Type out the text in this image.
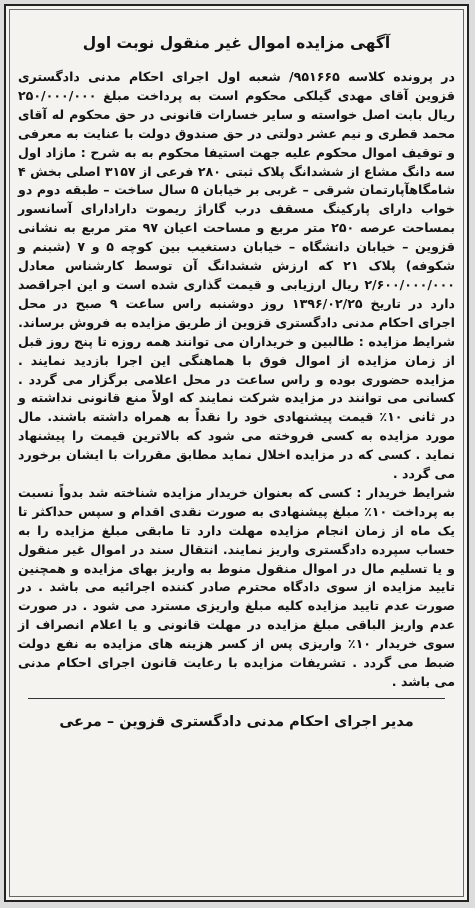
آگهی مزایده اموال غیر منقول نوبت اول

در پرونده کلاسه ۹۵۱۶۶۵/ شعبه اول اجرای احکام مدنی دادگستری قزوین آقای مهدی گیلکی محکوم است به پرداخت مبلغ ۲۵۰/۰۰۰/۰۰۰ ریال بابت اصل خواسته و سایر خسارات قانونی در حق محکوم له آقای محمد قطری و نیم عشر دولتی در حق صندوق دولت با عنایت به معرفی و توقیف اموال محکوم علیه جهت استیفا محکوم به به شرح : مازاد اول سه دانگ مشاع از ششدانگ پلاک ثبتی ۲۸۰ فرعی از ۳۱۵۷ اصلی بخش ۴ شامگاهآپارتمان شرقی – غربی بر خیابان ۵ سال ساخت – طبقه دوم دو خواب دارای پارکینگ مسقف درب گاراژ ریموت دارادارای آسانسور بمساحت عرصه ۲۵۰ متر مربع و مساحت اعیان ۹۷ متر مربع به نشانی قزوین – خیابان دانشگاه – خیابان دستغیب بین کوچه ۵ و ۷ (شبنم و شکوفه) پلاک ۲۱ که ارزش ششدانگ آن توسط کارشناس معادل ۲/۶۰۰/۰۰۰/۰۰۰ ریال ارزیابی و قیمت گذاری شده است و این اجراقصد دارد در تاریخ ۱۳۹۶/۰۲/۲۵ روز دوشنبه راس ساعت ۹ صبح در محل اجرای احکام مدنی دادگستری قزوین از طریق مزایده به فروش برساند.

شرایط مزایده : طالبین و خریداران می توانند همه روزه تا پنج روز قبل از زمان مزایده از اموال فوق با هماهنگی این اجرا بازدید نمایند . مزایده حضوری بوده و راس ساعت در محل اعلامی برگزار می گردد . کسانی می توانند در مزایده شرکت نمایند که اولاً منع قانونی نداشته و در ثانی ۱۰٪ قیمت پیشنهادی خود را نقداً به همراه داشته باشند. مال مورد مزایده به کسی فروخته می شود که بالاترین قیمت را پیشنهاد نماید . کسی که در مزایده اخلال نماید مطابق مقررات با ایشان برخورد می گردد .

شرایط خریدار : کسی که بعنوان خریدار مزایده شناخته شد بدواً نسبت به پرداخت ۱۰٪ مبلغ پیشنهادی به صورت نقدی اقدام و سپس حداکثر تا یک ماه از زمان انجام مزایده مهلت دارد تا مابقی مبلغ مزایده را به حساب سپرده دادگستری واریز نمایند. انتقال سند در اموال غیر منقول و یا تسلیم مال در اموال منقول منوط به واریز بهای مزایده و همچنین تایید مزایده از سوی دادگاه محترم صادر کننده اجرائیه می باشد . در صورت عدم تایید مزایده کلیه مبلغ واریزی مسترد می شود . در صورت عدم واریز الباقی مبلغ مزایده در مهلت قانونی و یا اعلام انصراف از سوی خریدار ۱۰٪ واریزی پس از کسر هزینه های مزایده به نفع دولت ضبط می گردد . تشریفات مزایده با رعایت قانون اجرای احکام مدنی می باشد .

مدیر اجرای احکام مدنی دادگستری قزوین – مرعی
